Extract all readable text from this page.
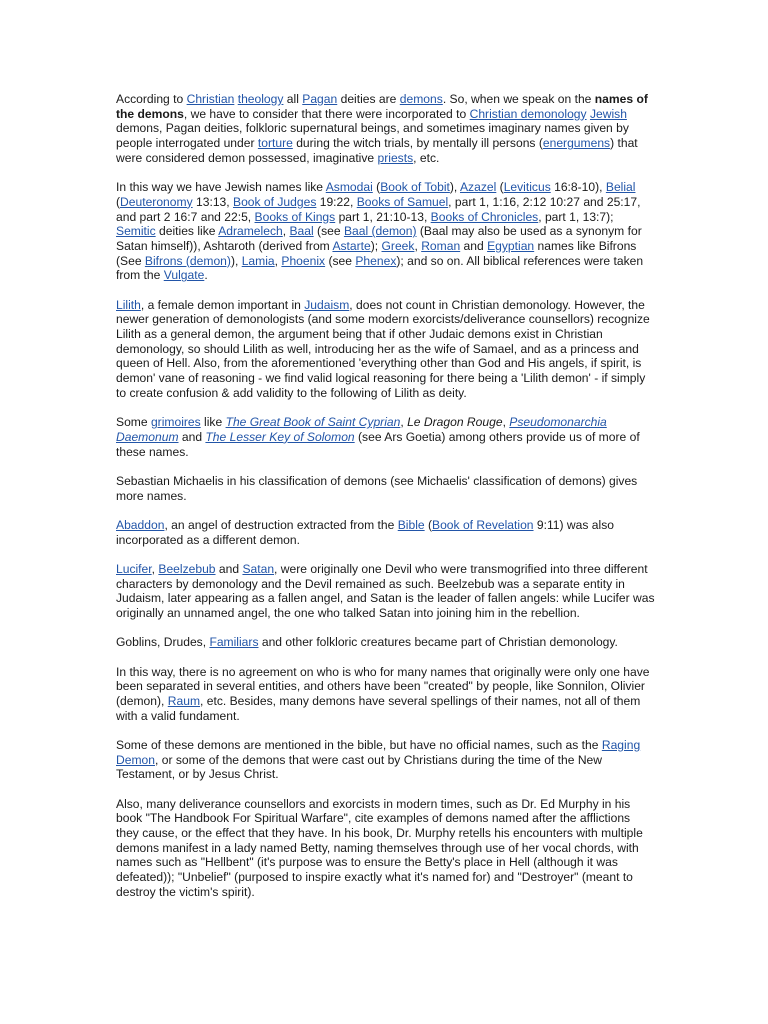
According to Christian theology all Pagan deities are demons. So, when we speak on the names of the demons, we have to consider that there were incorporated to Christian demonology Jewish demons, Pagan deities, folkloric supernatural beings, and sometimes imaginary names given by people interrogated under torture during the witch trials, by mentally ill persons (energumens) that were considered demon possessed, imaginative priests, etc.

In this way we have Jewish names like Asmodai (Book of Tobit), Azazel (Leviticus 16:8-10), Belial (Deuteronomy 13:13, Book of Judges 19:22, Books of Samuel, part 1, 1:16, 2:12 10:27 and 25:17, and part 2 16:7 and 22:5, Books of Kings part 1, 21:10-13, Books of Chronicles, part 1, 13:7); Semitic deities like Adramelech, Baal (see Baal (demon) (Baal may also be used as a synonym for Satan himself)), Ashtaroth (derived from Astarte); Greek, Roman and Egyptian names like Bifrons (See Bifrons (demon)), Lamia, Phoenix (see Phenex); and so on. All biblical references were taken from the Vulgate.

Lilith, a female demon important in Judaism, does not count in Christian demonology. However, the newer generation of demonologists (and some modern exorcists/deliverance counsellors) recognize Lilith as a general demon, the argument being that if other Judaic demons exist in Christian demonology, so should Lilith as well, introducing her as the wife of Samael, and as a princess and queen of Hell. Also, from the aforementioned 'everything other than God and His angels, if spirit, is demon' vane of reasoning - we find valid logical reasoning for there being a 'Lilith demon' - if simply to create confusion & add validity to the following of Lilith as deity.

Some grimoires like The Great Book of Saint Cyprian, Le Dragon Rouge, Pseudomonarchia Daemonum and The Lesser Key of Solomon (see Ars Goetia) among others provide us of more of these names.

Sebastian Michaelis in his classification of demons (see Michaelis' classification of demons) gives more names.

Abaddon, an angel of destruction extracted from the Bible (Book of Revelation 9:11) was also incorporated as a different demon.

Lucifer, Beelzebub and Satan, were originally one Devil who were transmogrified into three different characters by demonology and the Devil remained as such. Beelzebub was a separate entity in Judaism, later appearing as a fallen angel, and Satan is the leader of fallen angels: while Lucifer was originally an unnamed angel, the one who talked Satan into joining him in the rebellion.

Goblins, Drudes, Familiars and other folkloric creatures became part of Christian demonology.

In this way, there is no agreement on who is who for many names that originally were only one have been separated in several entities, and others have been "created" by people, like Sonnilon, Olivier (demon), Raum, etc. Besides, many demons have several spellings of their names, not all of them with a valid fundament.

Some of these demons are mentioned in the bible, but have no official names, such as the Raging Demon, or some of the demons that were cast out by Christians during the time of the New Testament, or by Jesus Christ.

Also, many deliverance counsellors and exorcists in modern times, such as Dr. Ed Murphy in his book "The Handbook For Spiritual Warfare", cite examples of demons named after the afflictions they cause, or the effect that they have. In his book, Dr. Murphy retells his encounters with multiple demons manifest in a lady named Betty, naming themselves through use of her vocal chords, with names such as "Hellbent" (it's purpose was to ensure the Betty's place in Hell (although it was defeated)); "Unbelief" (purposed to inspire exactly what it's named for) and "Destroyer" (meant to destroy the victim's spirit).
